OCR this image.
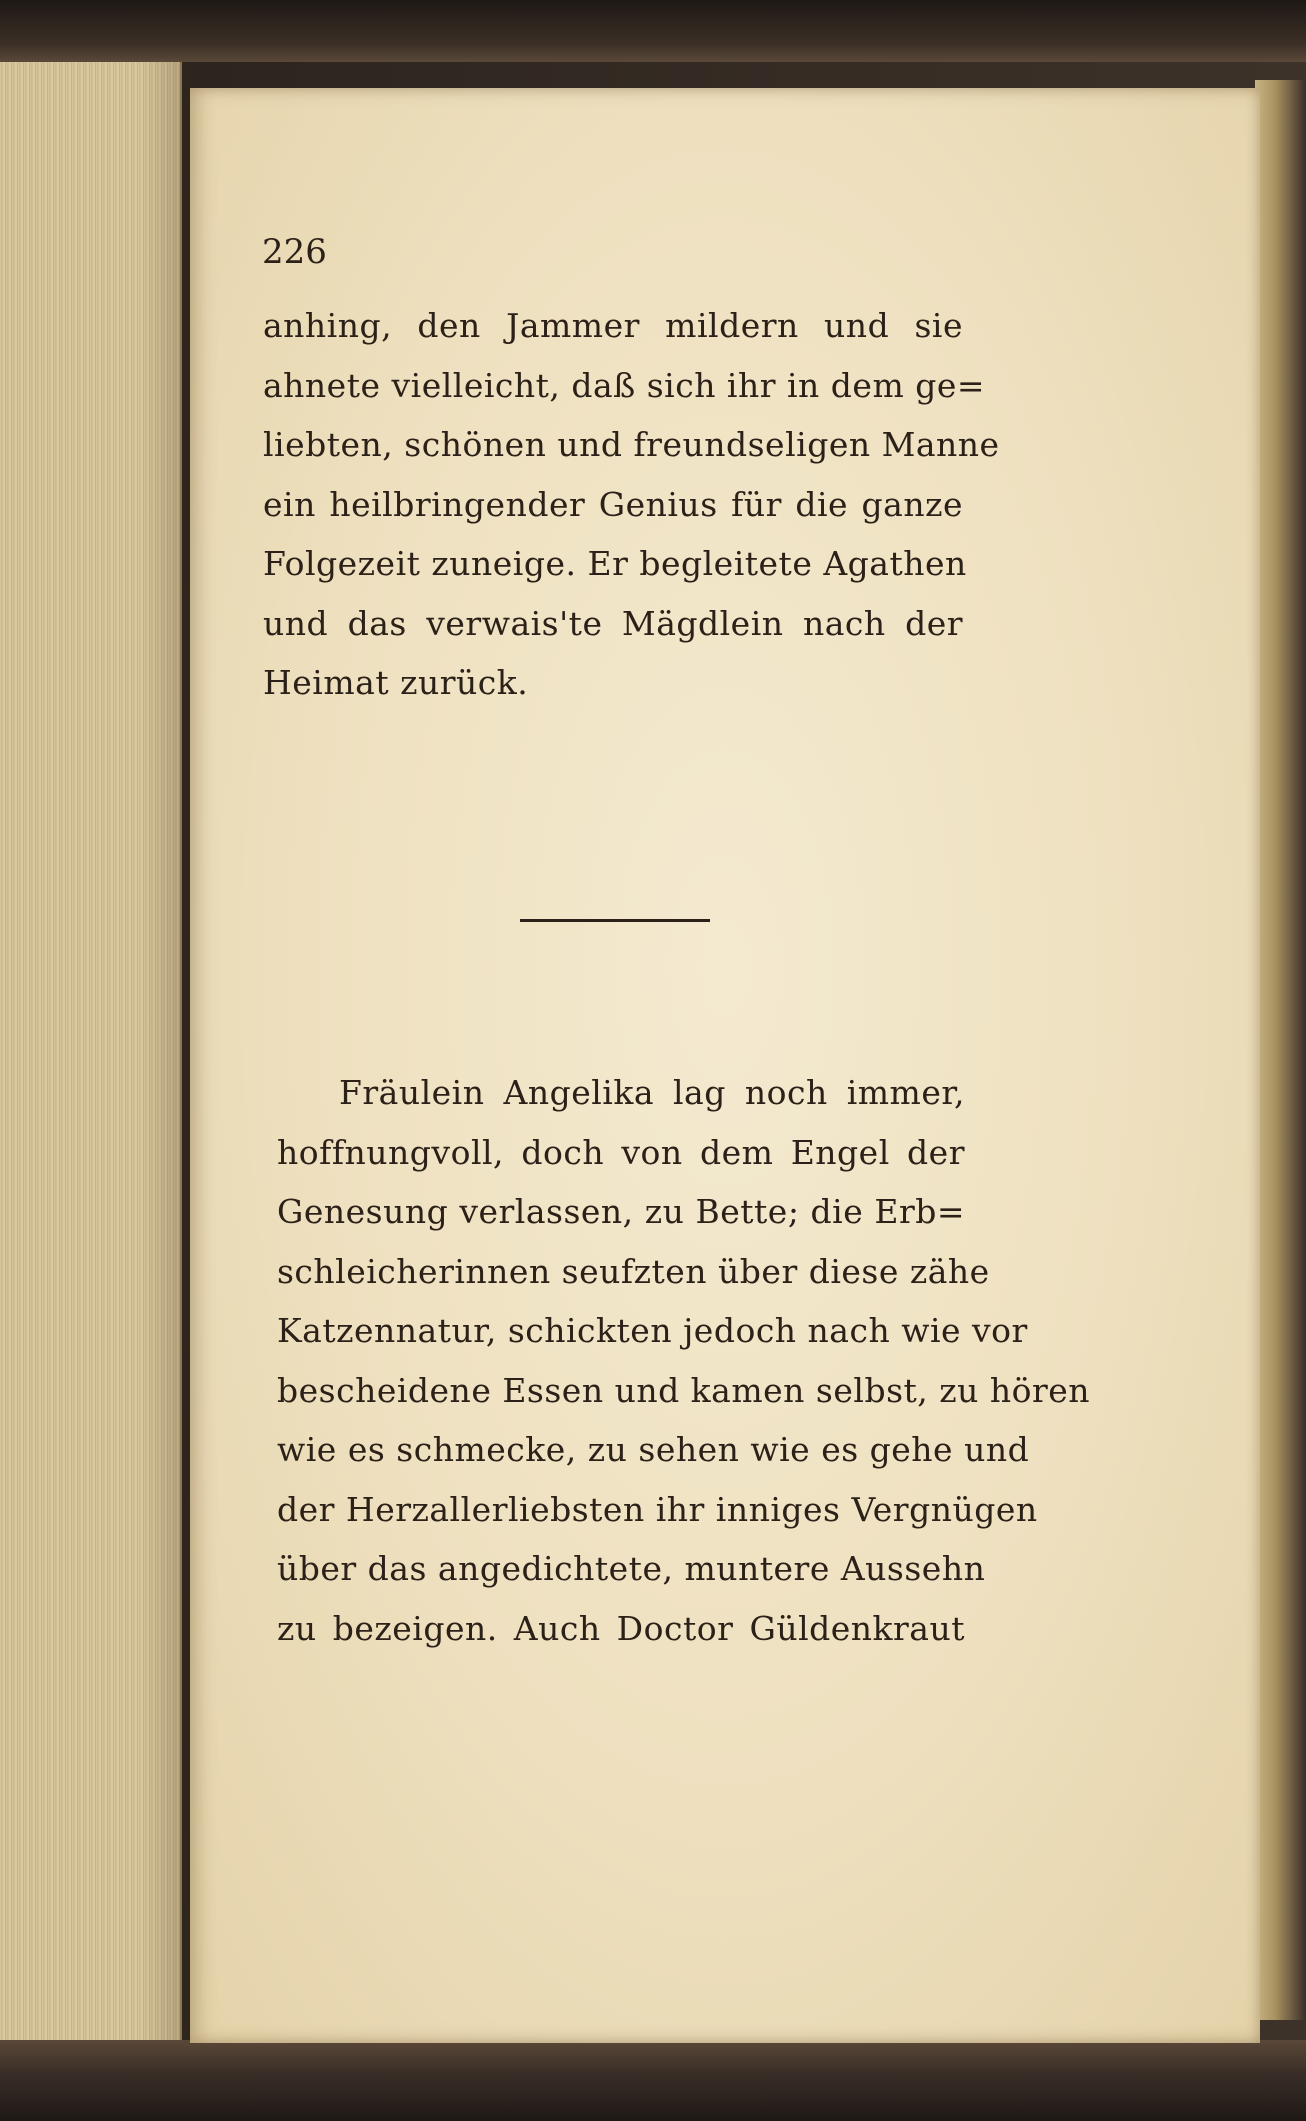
226

anhing, den Jammer mildern und sie
ahnete vielleicht, daß sich ihr in dem ge=
liebten, schönen und freundseligen Manne
ein heilbringender Genius für die ganze
Folgezeit zuneige. Er begleitete Agathen
und das verwais'te Mägdlein nach der
Heimat zurück.
Fräulein Angelika lag noch immer,
hoffnungvoll, doch von dem Engel der
Genesung verlassen, zu Bette; die Erb=
schleicherinnen seufzten über diese zähe
Katzennatur, schickten jedoch nach wie vor
bescheidene Essen und kamen selbst, zu hören
wie es schmecke, zu sehen wie es gehe und
der Herzallerliebsten ihr inniges Vergnügen
über das angedichtete, muntere Aussehn
zu bezeigen. Auch Doctor Güldenkraut
